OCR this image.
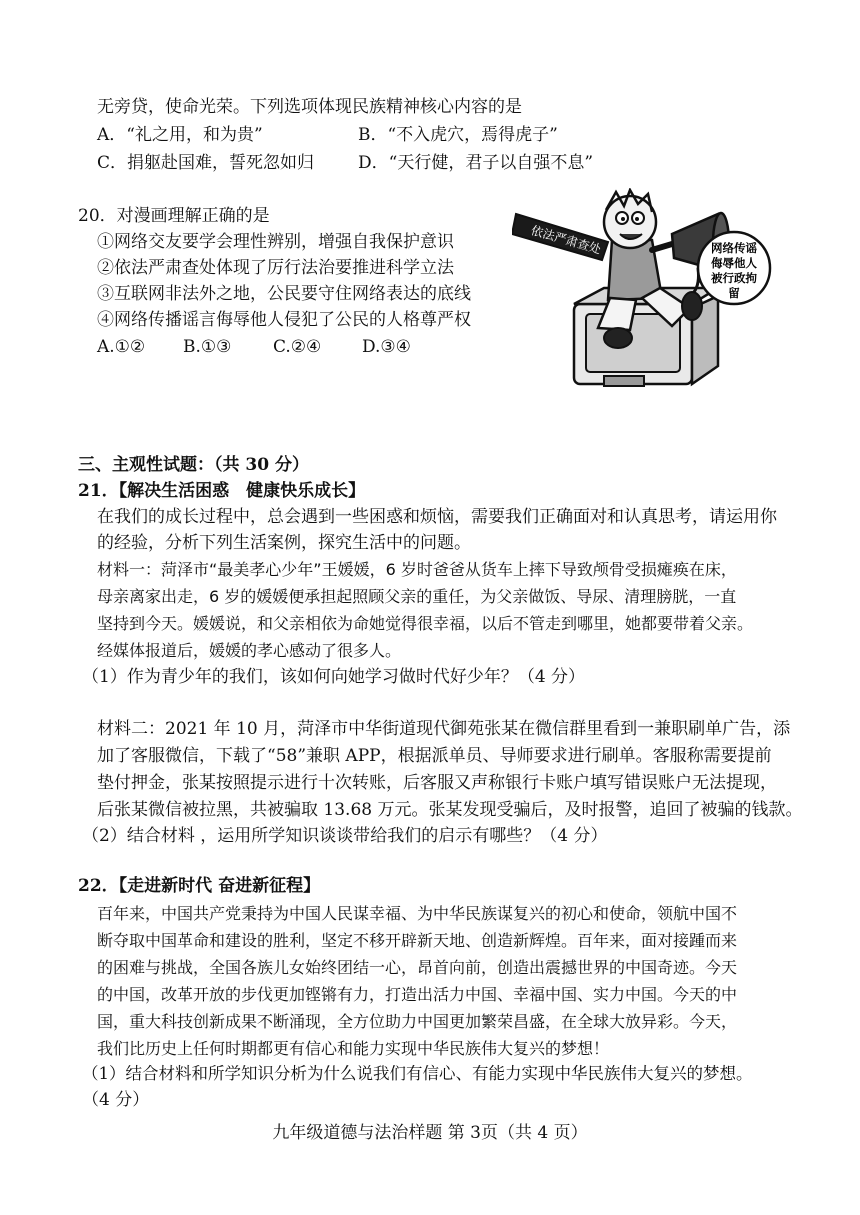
无旁贷，使命光荣。下列选项体现民族精神核心内容的是
A．“礼之用，和为贵”	B．“不入虎穴，焉得虎子”
C．捐躯赴国难，誓死忽如归	D．“天行健，君子以自强不息”
20．对漫画理解正确的是
①网络交友要学会理性辨别，增强自我保护意识
②依法严肃查处体现了厉行法治要推进科学立法
③互联网非法外之地，公民要守住网络表达的底线
④网络传播谣言侮辱他人侵犯了公民的人格尊严权
A.①② B.①③ C.②④ D.③④
依法严肃查处	网络传谣
侮辱他人
被行政拘
留
三、主观性试题：（共 30 分）
21．【解决生活困惑　健康快乐成长】
在我们的成长过程中，总会遇到一些困惑和烦恼，需要我们正确面对和认真思考，请运用你
的经验，分析下列生活案例，探究生活中的问题。
材料一：菏泽市“最美孝心少年”王媛媛，6 岁时爸爸从货车上摔下导致颅骨受损瘫痪在床，
母亲离家出走，6 岁的媛媛便承担起照顾父亲的重任，为父亲做饭、导尿、清理膀胱，一直
坚持到今天。媛媛说，和父亲相依为命她觉得很幸福，以后不管走到哪里，她都要带着父亲。
经媒体报道后，媛媛的孝心感动了很多人。
（1）作为青少年的我们，该如何向她学习做时代好少年？（4 分）
材料二：2021 年 10 月，菏泽市中华街道现代御苑张某在微信群里看到一兼职刷单广告，添
加了客服微信，下载了“58”兼职 APP，根据派单员、导师要求进行刷单。客服称需要提前
垫付押金，张某按照提示进行十次转账，后客服又声称银行卡账户填写错误账户无法提现，
后张某微信被拉黑，共被骗取 13.68 万元。张某发现受骗后，及时报警，追回了被骗的钱款。
（2）结合材料 ，运用所学知识谈谈带给我们的启示有哪些？（4 分）
22．【走进新时代 奋进新征程】
百年来，中国共产党秉持为中国人民谋幸福、为中华民族谋复兴的初心和使命，领航中国不
断夺取中国革命和建设的胜利，坚定不移开辟新天地、创造新辉煌。百年来，面对接踵而来
的困难与挑战，全国各族儿女始终团结一心，昂首向前，创造出震撼世界的中国奇迹。今天
的中国，改革开放的步伐更加铿锵有力，打造出活力中国、幸福中国、实力中国。今天的中
国，重大科技创新成果不断涌现，全方位助力中国更加繁荣昌盛，在全球大放异彩。今天，
我们比历史上任何时期都更有信心和能力实现中华民族伟大复兴的梦想！
（1）结合材料和所学知识分析为什么说我们有信心、有能力实现中华民族伟大复兴的梦想。
（4 分）
九年级道德与法治样题 第 3页（共 4 页）
